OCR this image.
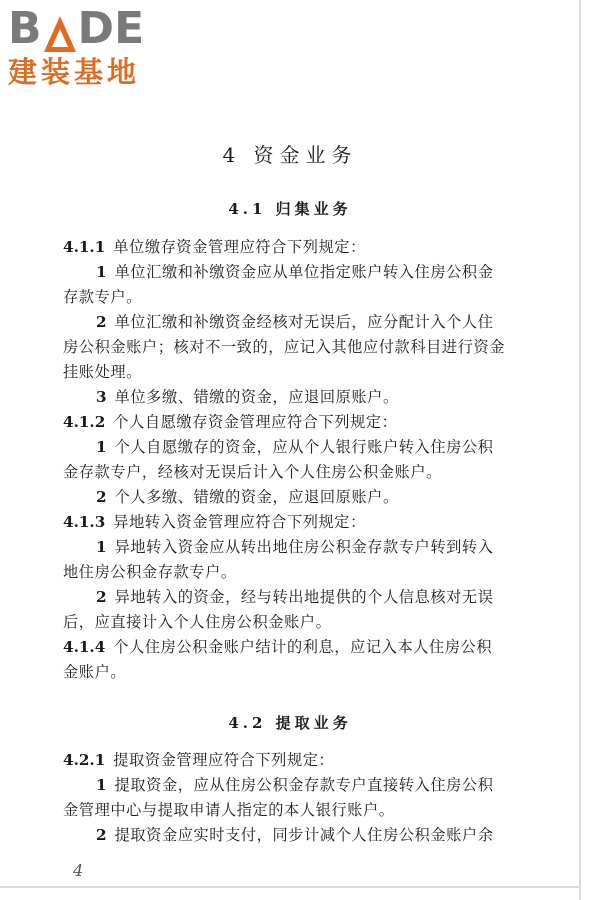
B DE
建装基地
4 资金业务
4.1 归集业务
4.1.1 单位缴存资金管理应符合下列规定：
1 单位汇缴和补缴资金应从单位指定账户转入住房公积金
存款专户。
2 单位汇缴和补缴资金经核对无误后，应分配计入个人住
房公积金账户；核对不一致的，应记入其他应付款科目进行资金
挂账处理。
3 单位多缴、错缴的资金，应退回原账户。
4.1.2 个人自愿缴存资金管理应符合下列规定：
1 个人自愿缴存的资金，应从个人银行账户转入住房公积
金存款专户，经核对无误后计入个人住房公积金账户。
2 个人多缴、错缴的资金，应退回原账户。
4.1.3 异地转入资金管理应符合下列规定：
1 异地转入资金应从转出地住房公积金存款专户转到转入
地住房公积金存款专户。
2 异地转入的资金，经与转出地提供的个人信息核对无误
后，应直接计入个人住房公积金账户。
4.1.4 个人住房公积金账户结计的利息，应记入本人住房公积
金账户。
4.2 提取业务
4.2.1 提取资金管理应符合下列规定：
1 提取资金，应从住房公积金存款专户直接转入住房公积
金管理中心与提取申请人指定的本人银行账户。
2 提取资金应实时支付，同步计减个人住房公积金账户余
4
